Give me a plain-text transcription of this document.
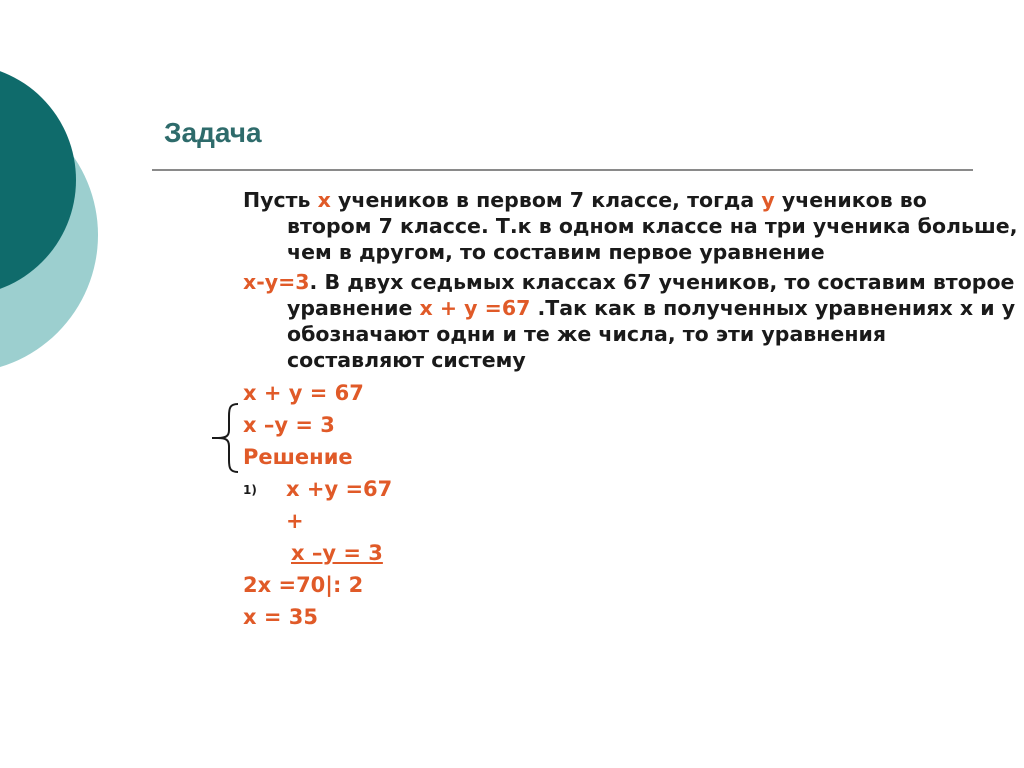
Задача
Пусть x учеников в первом 7 классе, тогда y учеников во втором 7 классе. Т.к в одном классе на три ученика больше, чем в другом, то составим первое уравнение
x-y=3. В двух седьмых классах 67 учеников, то составим второе уравнение x + y =67 .Так как в полученных уравнениях x и y обозначают одни и те же числа, то эти уравнения составляют систему
x + y = 67
x –y = 3
Решение
1) x +y =67
+
x –y = 3
2x =70|: 2
x = 35
